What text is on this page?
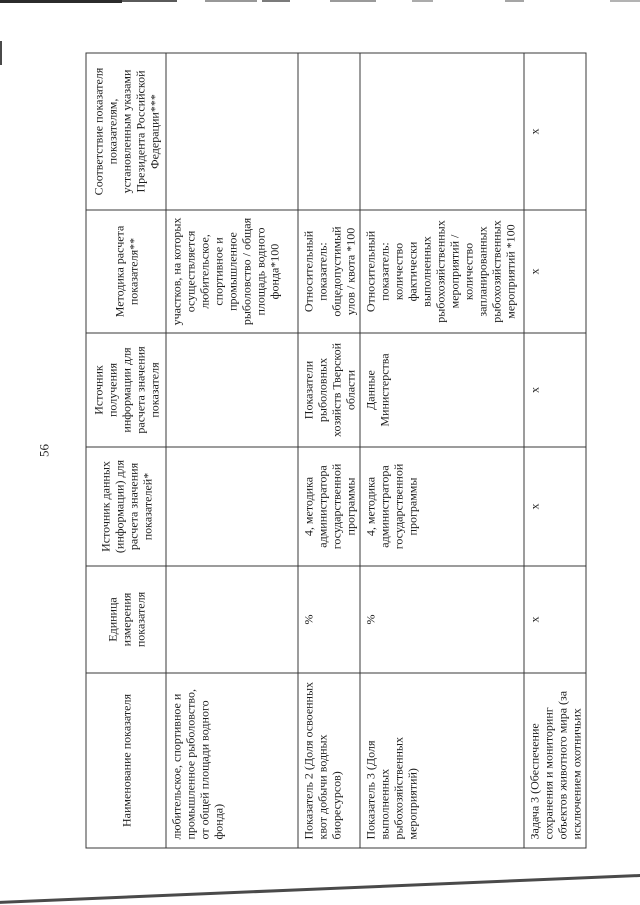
56
Наименование показателя	Единица измерения показателя	Источник данных (информации) для расчета значения показателей*	Источник получения информации для расчета значения показателя	Методика расчета показателя**	Соответствие показателя показателям, установленным указами Президента Российской Федерации***
любительское, спортивное и промышленное рыболовство, от общей площади водного фонда)				участков, на которых осуществляется любительское, спортивное и промышленное рыболовство / общая площадь водного фонда*100	
Показатель 2 (Доля освоенных квот добычи водных биоресурсов)	%	4, методика администратора государственной программы	Показатели рыболовных хозяйств Тверской области	Относительный показатель: общедопустимый улов / квота *100	
Показатель 3 (Доля выполненных рыбохозяйственных мероприятий)	%	4, методика администратора государственной программы	Данные Министерства	Относительный показатель: количество фактически выполненных рыбохозяйственных мероприятий / количество запланированных рыбохозяйственных мероприятий *100	
Задача 3 (Обеспечение сохранения и мониторинг объектов животного мира (за исключением охотничьих	х	х	х	х	х
